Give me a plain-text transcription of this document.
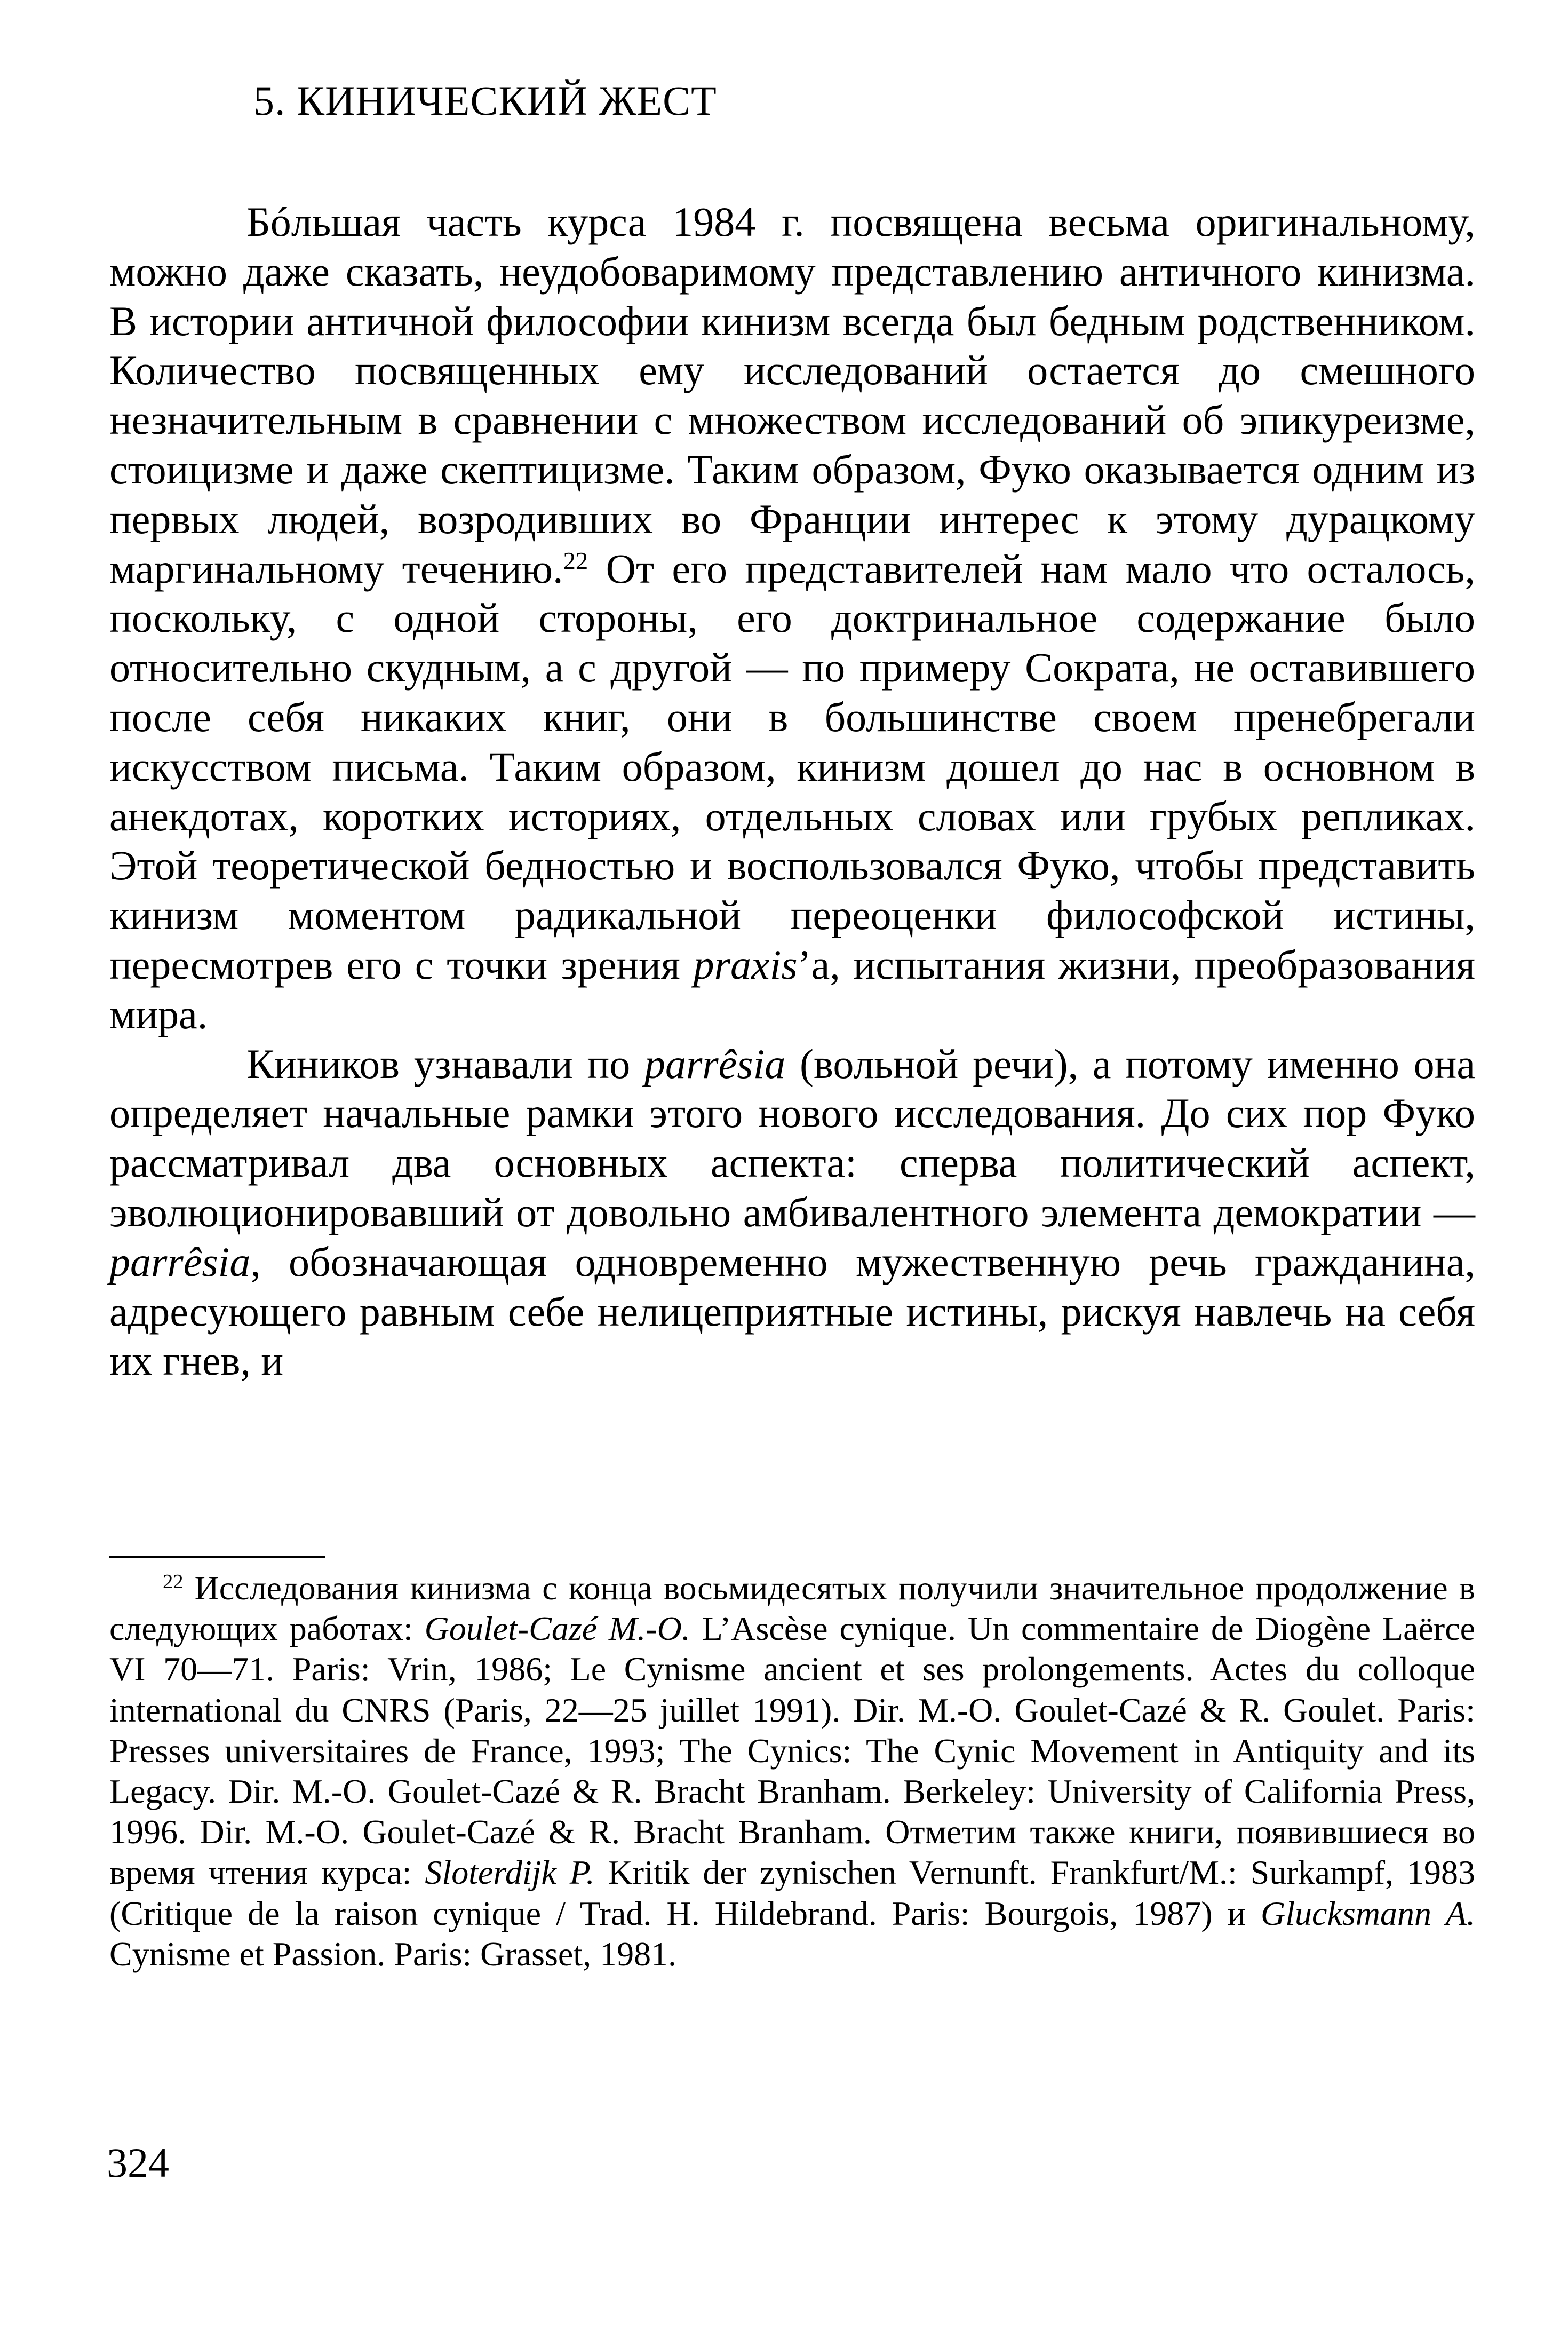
5. КИНИЧЕСКИЙ ЖЕСТ

Бóльшая часть курса 1984 г. посвящена весьма оригинальному, можно даже сказать, неудобоваримому представлению античного кинизма. В истории античной философии кинизм всегда был бедным родственником. Количество посвященных ему исследований остается до смешного незначительным в сравнении с множеством исследований об эпикуреизме, стоицизме и даже скептицизме. Таким образом, Фуко оказывается одним из первых людей, возродивших во Франции интерес к этому дурацкому маргинальному течению.$^{22}$ От его представителей нам мало что осталось, поскольку, с одной стороны, его доктринальное содержание было относительно скудным, а с другой — по примеру Сократа, не оставившего после себя никаких книг, они в большинстве своем пренебрегали искусством письма. Таким образом, кинизм дошел до нас в основном в анекдотах, коротких историях, отдельных словах или грубых репликах. Этой теоретической бедностью и воспользовался Фуко, чтобы представить кинизм моментом радикальной переоценки философской истины, пересмотрев его с точки зрения praxis’а, испытания жизни, преобразования мира.

Киников узнавали по parrêsia (вольной речи), а потому именно она определяет начальные рамки этого нового исследования. До сих пор Фуко рассматривал два основных аспекта: сперва политический аспект, эволюционировавший от довольно амбивалентного элемента демократии —parrêsia, обозначающая одновременно мужественную речь гражданина, адресующего равным себе нелицеприятные истины, рискуя навлечь на себя их гнев, и

$^{22}$ Исследования кинизма с конца восьмидесятых получили значительное продолжение в следующих работах: Goulet-Cazé M.-O. L’Ascèse cynique. Un commentaire de Diogène Laërce VI 70—71. Paris: Vrin, 1986; Le Cynisme ancient et ses prolongements. Actes du colloque international du CNRS (Paris, 22—25 juillet 1991). Dir. M.-O. Goulet-Cazé & R. Goulet. Paris: Presses universitaires de France, 1993; The Cynics: The Cynic Movement in Antiquity and its Legacy. Dir. M.-O. Goulet-Cazé & R. Bracht Branham. Berkeley: University of California Press, 1996. Dir. M.-O. Goulet-Cazé & R. Bracht Branham. Отметим также книги, появившиеся во время чтения курса: Sloterdijk P. Kritik der zynischen Vernunft. Frankfurt/M.: Surkampf, 1983 (Critique de la raison cynique / Trad. H. Hildebrand. Paris: Bourgois, 1987) и Glucksmann A. Cynisme et Passion. Paris: Grasset, 1981.

324
